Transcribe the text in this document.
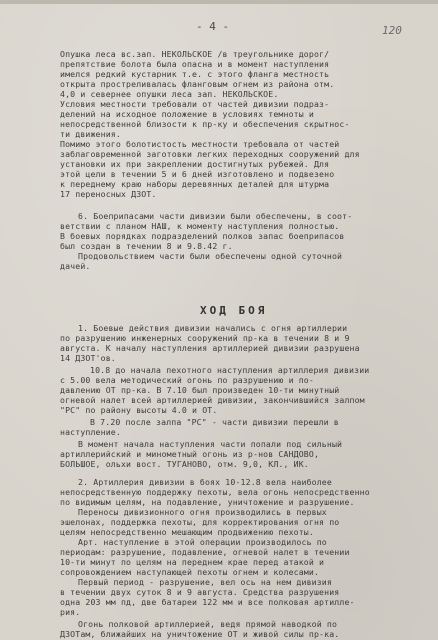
- 4 -	120
ХОД БОЯ
Опушка леса вс.зап. НЕКОЛЬСКОЕ /в треугольнике дорог/
препятствие болота была опасна и в момент наступления
имелся редкий кустарник т.е. с этого фланга местность
открыта простреливалась фланговым огнем из района отм.
4,0 и севернее опушки леса зап. НЕКОЛЬСКОЕ.
Условия местности требовали от частей дивизии подраз-
делений на исходное положение в условиях темноты и
непосредственной близости к пр-ку и обеспечения скрытнос-
ти движения.
Помимо этого болотистость местности требовала от частей
заблаговременной заготовки легких переходных сооружений для
установки их при закреплении достигнутых рубежей. Для
этой цели в течении 5 и 6 дней изготовлено и подвезено
к переднему краю наборы деревянных деталей для штурма
17 переносных ДЗОТ.
6. Боеприпасами части дивизии были обеспечены, в соот-
ветствии с планом НАШ, к моменту наступления полностью.
В боевых порядках подразделений полков запас боеприпасов
был создан в течении 8 и 9.8.42 г.
Продовольствием части были обеспечены одной суточной
дачей.
1. Боевые действия дивизии начались с огня артиллерии
по разрушению инженерных сооружений пр-ка в течении 8 и 9
августа. К началу наступления артиллерией дивизии разрушена
14 ДЗОТ'ов.
10.8 до начала пехотного наступления артиллерия дивизии
с 5.00 вела методический огонь по разрушению и по-
давлению ОТ пр-ка. В 7.10 был произведен 10-ти минутный
огневой налет всей артиллерией дивизии, закончившийся залпом
"РС" по району высоты 4.0 и ОТ.
В 7.20 после залпа "РС" - части дивизии перешли в
наступление.
В момент начала наступления части попали под сильный
артиллерийский и минометный огонь из р-нов САНДОВО,
БОЛЬШОЕ, ольхи вост. ТУГАНОВО, отм. 9,0, КЛ., ИК.
2. Артиллерия дивизии в боях 10-12.8 вела наиболее
непосредственную поддержку пехоты, вела огонь непосредственно
по видимым целям, на подавление, уничтожение и разрушение.
Переносы дивизионного огня производились в первых
эшелонах, поддержка пехоты, для корректирования огня по
целям непосредственно мешающим продвижению пехоты.
Арт. наступление в этой операции производилось по
периодам: разрушение, подавление, огневой налет в течении
10-ти минут по целям на переднем крае перед атакой и
сопровождением наступающей пехоты огнем и колесами.
Первый период - разрушение, вел ось на нем дивизия
в течении двух суток 8 и 9 августа. Средства разрушения
одна 203 мм пд, две батареи 122 мм и все полковая артилле-
рия.
Огонь полковой артиллерией, ведя прямой наводкой по
ДЗОТам, ближайших на уничтожение ОТ и живой силы пр-ка.
